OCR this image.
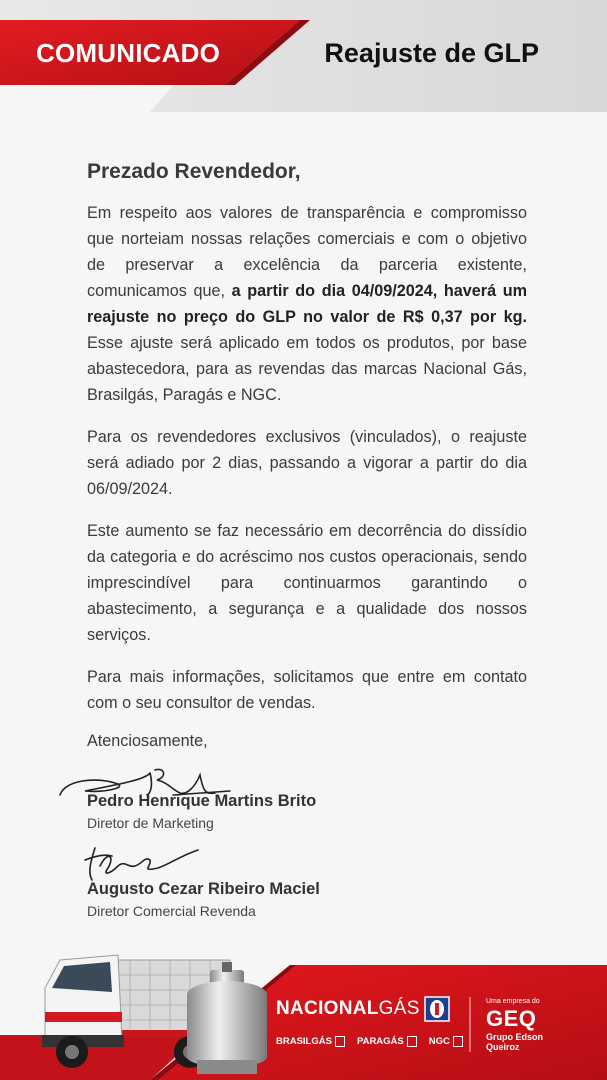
COMUNICADO	Reajuste de GLP

Prezado Revendedor,

Em respeito aos valores de transparência e compromisso que norteiam nossas relações comerciais e com o objetivo de preservar a excelência da parceria existente, comunicamos que, a partir do dia 04/09/2024, haverá um reajuste no preço do GLP no valor de R$ 0,37 por kg. Esse ajuste será aplicado em todos os produtos, por base abastecedora, para as revendas das marcas Nacional Gás, Brasilgás, Paragás e NGC.

Para os revendedores exclusivos (vinculados), o reajuste será adiado por 2 dias, passando a vigorar a partir do dia 06/09/2024.

Este aumento se faz necessário em decorrência do dissídio da categoria e do acréscimo nos custos operacionais, sendo imprescindível para continuarmos garantindo o abastecimento, a segurança e a qualidade dos nossos serviços.

Para mais informações, solicitamos que entre em contato com o seu consultor de vendas.

Atenciosamente,

Pedro Henrique Martins Brito
Diretor de Marketing
Augusto Cezar Ribeiro Maciel
Diretor Comercial Revenda
NACIONALGÁS
BRASILGÁS	PARAGÁS	NGC
Uma empresa do
GEQ
Grupo Edson Queiroz
